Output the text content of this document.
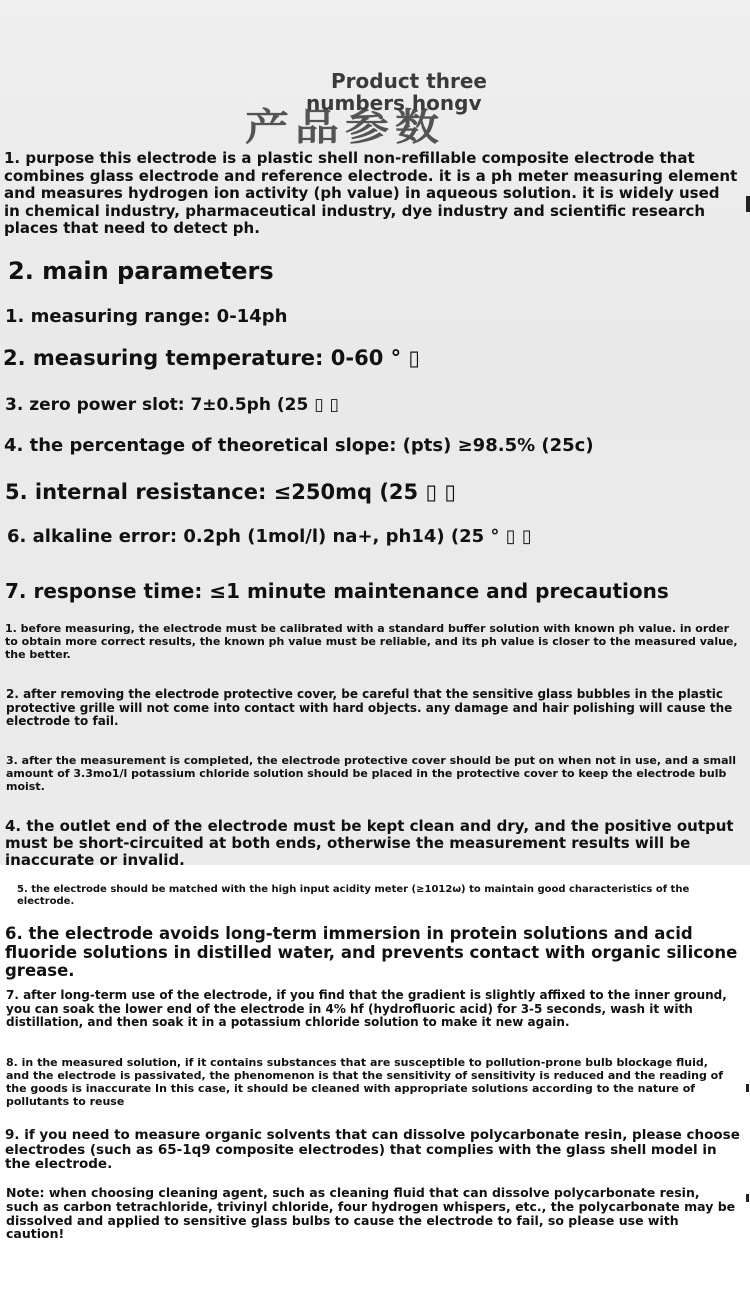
产品参数
Product three
numbers hongv

1. purpose this electrode is a plastic shell non-refillable composite electrode that combines glass electrode and reference electrode. it is a ph meter measuring element and measures hydrogen ion activity (ph value) in aqueous solution. it is widely used in chemical industry, pharmaceutical industry, dye industry and scientific research places that need to detect ph.

2. main parameters

1. measuring range: 0-14ph

2. measuring temperature: 0-60 ° ▯

3. zero power slot: 7±0.5ph (25 ▯ ▯

4. the percentage of theoretical slope: (pts) ≥98.5% (25c)

5. internal resistance: ≤250mq (25 ▯ ▯

6. alkaline error: 0.2ph (1mol/l) na+, ph14) (25 ° ▯ ▯

7. response time: ≤1 minute maintenance and precautions

1. before measuring, the electrode must be calibrated with a standard buffer solution with known ph value. in order to obtain more correct results, the known ph value must be reliable, and its ph value is closer to the measured value, the better.

2. after removing the electrode protective cover, be careful that the sensitive glass bubbles in the plastic protective grille will not come into contact with hard objects. any damage and hair polishing will cause the electrode to fail.

3. after the measurement is completed, the electrode protective cover should be put on when not in use, and a small amount of 3.3mo1/l potassium chloride solution should be placed in the protective cover to keep the electrode bulb moist.

4. the outlet end of the electrode must be kept clean and dry, and the positive output must be short-circuited at both ends, otherwise the measurement results will be inaccurate or invalid.

5. the electrode should be matched with the high input acidity meter (≥1012ω) to maintain good characteristics of the electrode.

6. the electrode avoids long-term immersion in protein solutions and acid fluoride solutions in distilled water, and prevents contact with organic silicone grease.

7. after long-term use of the electrode, if you find that the gradient is slightly affixed to the inner ground, you can soak the lower end of the electrode in 4% hf (hydrofluoric acid) for 3-5 seconds, wash it with distillation, and then soak it in a potassium chloride solution to make it new again.

8. in the measured solution, if it contains substances that are susceptible to pollution-prone bulb blockage fluid, and the electrode is passivated, the phenomenon is that the sensitivity of sensitivity is reduced and the reading of the goods is inaccurate In this case, it should be cleaned with appropriate solutions according to the nature of pollutants to reuse

9. if you need to measure organic solvents that can dissolve polycarbonate resin, please choose electrodes (such as 65-1q9 composite electrodes) that complies with the glass shell model in the electrode.

Note: when choosing cleaning agent, such as cleaning fluid that can dissolve polycarbonate resin, such as carbon tetrachloride, trivinyl chloride, four hydrogen whispers, etc., the polycarbonate may be dissolved and applied to sensitive glass bulbs to cause the electrode to fail, so please use with caution!
